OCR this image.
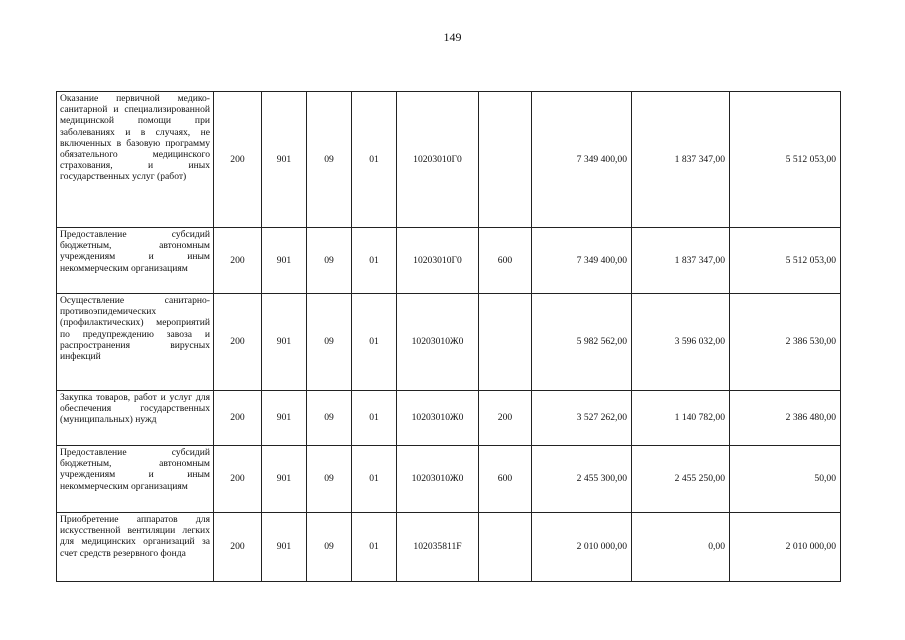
149
Оказание первичной медико-санитарной и специализированной медицинской помощи при заболеваниях и в случаях, не включенных в базовую программу обязательного медицинского страхования, и иных государственных услуг (работ)	200	901	09	01	10203010Г0		7 349 400,00	1 837 347,00	5 512 053,00
Предоставление субсидий бюджетным, автономным учреждениям и иным некоммерческим организациям	200	901	09	01	10203010Г0	600	7 349 400,00	1 837 347,00	5 512 053,00
Осуществление санитарно-противоэпидемических (профилактических) мероприятий по предупреждению завоза и распространения вирусных инфекций	200	901	09	01	10203010Ж0		5 982 562,00	3 596 032,00	2 386 530,00
Закупка товаров, работ и услуг для обеспечения государственных (муниципальных) нужд	200	901	09	01	10203010Ж0	200	3 527 262,00	1 140 782,00	2 386 480,00
Предоставление субсидий бюджетным, автономным учреждениям и иным некоммерческим организациям	200	901	09	01	10203010Ж0	600	2 455 300,00	2 455 250,00	50,00
Приобретение аппаратов для искусственной вентиляции легких для медицинских организаций за счет средств резервного фонда	200	901	09	01	102035811F		2 010 000,00	0,00	2 010 000,00
